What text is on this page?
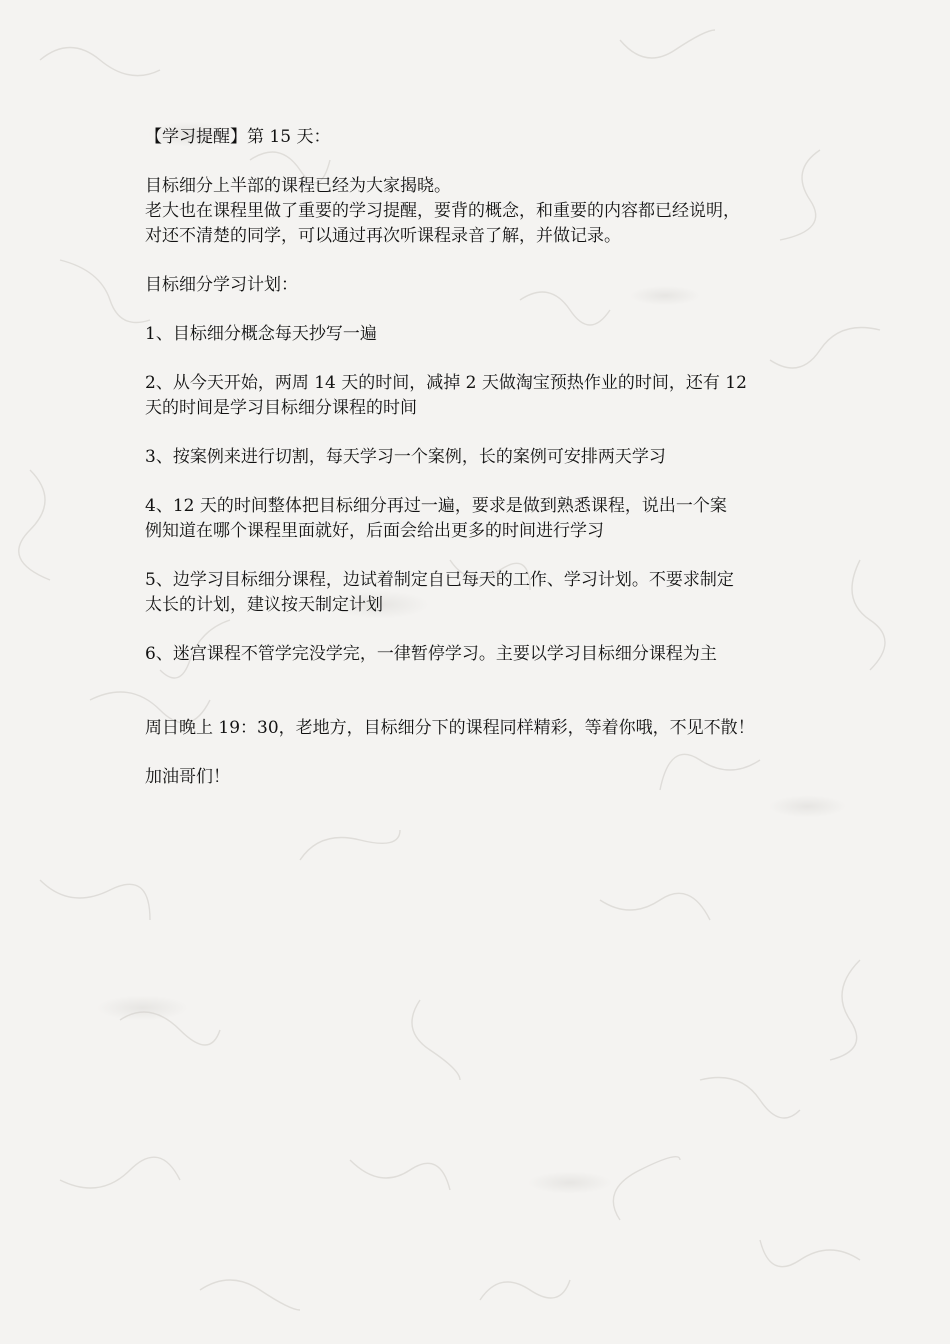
【学习提醒】第 15 天：

目标细分上半部的课程已经为大家揭晓。

老大也在课程里做了重要的学习提醒，要背的概念，和重要的内容都已经说明，

对还不清楚的同学，可以通过再次听课程录音了解，并做记录。

目标细分学习计划：

1、目标细分概念每天抄写一遍

2、从今天开始，两周 14 天的时间，减掉 2 天做淘宝预热作业的时间，还有 12

天的时间是学习目标细分课程的时间

3、按案例来进行切割，每天学习一个案例，长的案例可安排两天学习

4、12 天的时间整体把目标细分再过一遍，要求是做到熟悉课程，说出一个案

例知道在哪个课程里面就好，后面会给出更多的时间进行学习

5、边学习目标细分课程，边试着制定自已每天的工作、学习计划。不要求制定

太长的计划，建议按天制定计划

6、迷宫课程不管学完没学完，一律暂停学习。主要以学习目标细分课程为主

周日晚上 19：30，老地方，目标细分下的课程同样精彩，等着你哦，不见不散！

加油哥们！
